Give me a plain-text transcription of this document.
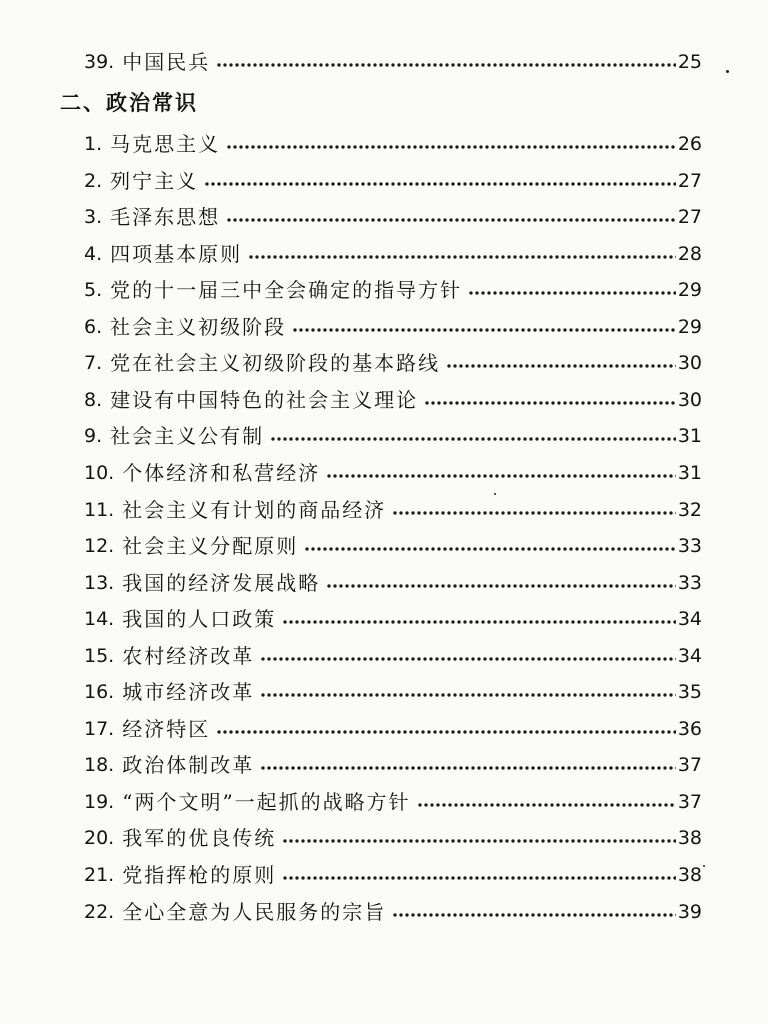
39. 中国民兵	25
二、政治常识
1. 马克思主义	26
2. 列宁主义	27
3. 毛泽东思想	27
4. 四项基本原则	28
5. 党的十一届三中全会确定的指导方针	29
6. 社会主义初级阶段	29
7. 党在社会主义初级阶段的基本路线	30
8. 建设有中国特色的社会主义理论	30
9. 社会主义公有制	31
10. 个体经济和私营经济	31
11. 社会主义有计划的商品经济	32
12. 社会主义分配原则	33
13. 我国的经济发展战略	33
14. 我国的人口政策	34
15. 农村经济改革	34
16. 城市经济改革	35
17. 经济特区	36
18. 政治体制改革	37
19. “两个文明”一起抓的战略方针	37
20. 我军的优良传统	38
21. 党指挥枪的原则	38
22. 全心全意为人民服务的宗旨	39
